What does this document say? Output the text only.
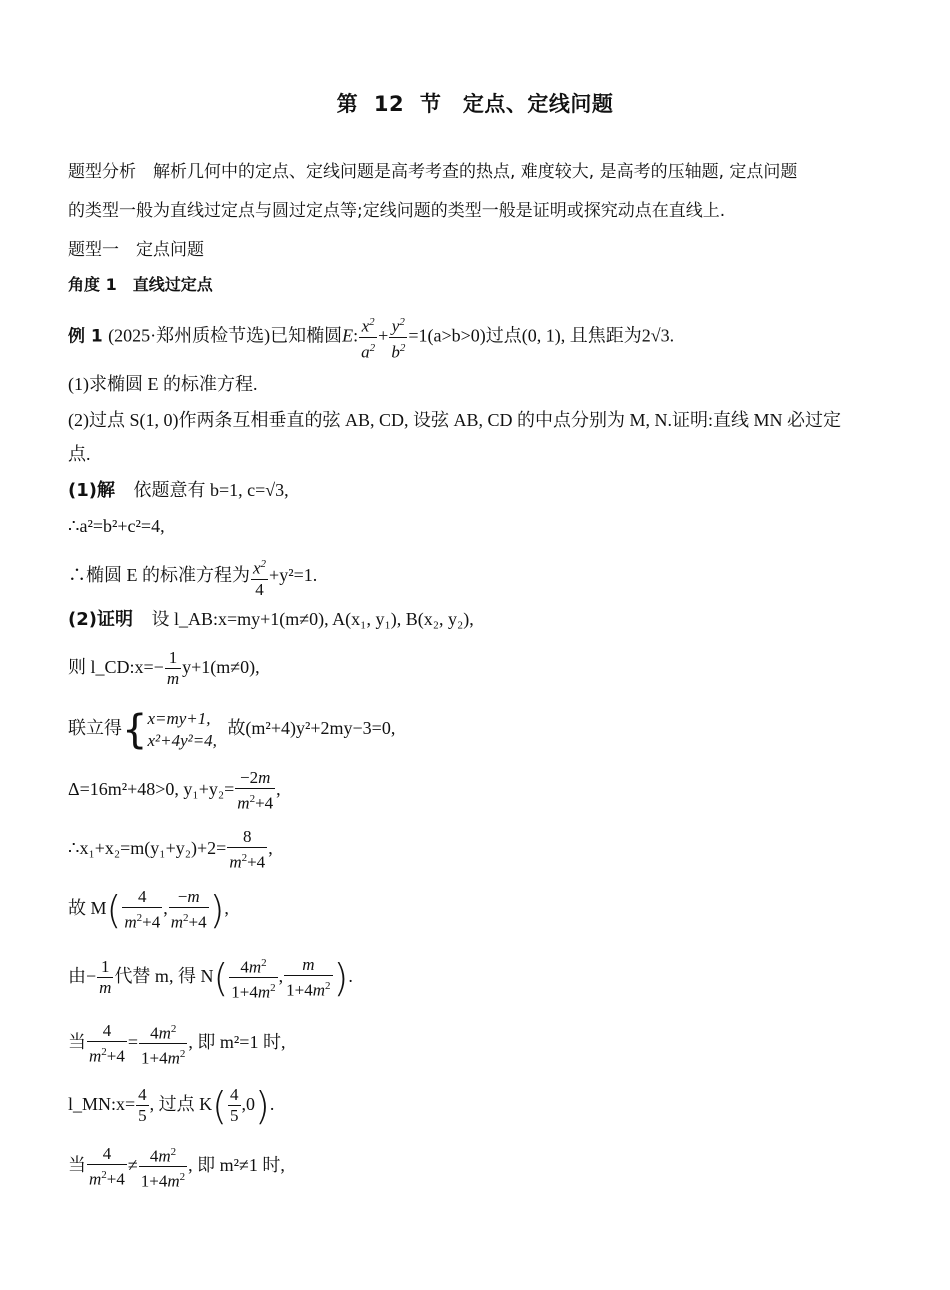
第 12 节　定点、定线问题
题型分析　解析几何中的定点、定线问题是高考考查的热点, 难度较大, 是高考的压轴题, 定点问题
的类型一般为直线过定点与圆过定点等;定线问题的类型一般是证明或探究动点在直线上.
题型一　定点问题
角度 1　直线过定点
例 1 (2025·郑州质检节选)已知椭圆E: $\frac{x^2}{a^2} + \frac{y^2}{b^2} =1(a>b>0)$过点(0, 1), 且焦距为2√3.
(1)求椭圆 E 的标准方程.
(2)过点 S(1, 0)作两条互相垂直的弦 AB, CD, 设弦 AB, CD 的中点分别为 M, N.证明:直线 MN 必过定
点.
(1)解 依题意有 b=1, c=√3,
∴a²=b²+c²=4,
∴椭圆 E 的标准方程为 $\frac{x^2}{4} +y^2=1$.
(2)证明 设 l_AB:x=my+1(m≠0), A(x₁, y₁), B(x₂, y₂),
则 l_CD:x=− $\frac{1}{m} y+1(m\ne 0)$,
联立得{ x=my+1,
x²+4y²=4,
故(m²+4)y²+2my−3=0,
Δ=16m²+48>0, $y_1+y_2= \frac{-2m}{m^2+4}$ ,
∴x₁+x₂=m(y₁+y₂)+2= $\frac{8}{m^2+4}$ ,
故 $M( \frac{4}{m^2+4}$ , $\frac{-m}{m^2+4}$ ),
由− $\frac{1}{m}$ 代替 m, 得 $N( \frac{4m^2}{1+4m^2}$ , $\frac{m}{1+4m^2}$ ).
当 $\frac{4}{m^2+4} = \frac{4m^2}{1+4m^2}$ , 即 m²=1 时,
l_MN:x= $\frac{4}{5}$ , 过点 $K( \frac{4}{5} ,0)$.
当 $\frac{4}{m^2+4} \ne \frac{4m^2}{1+4m^2}$ , 即 m²≠1 时,
